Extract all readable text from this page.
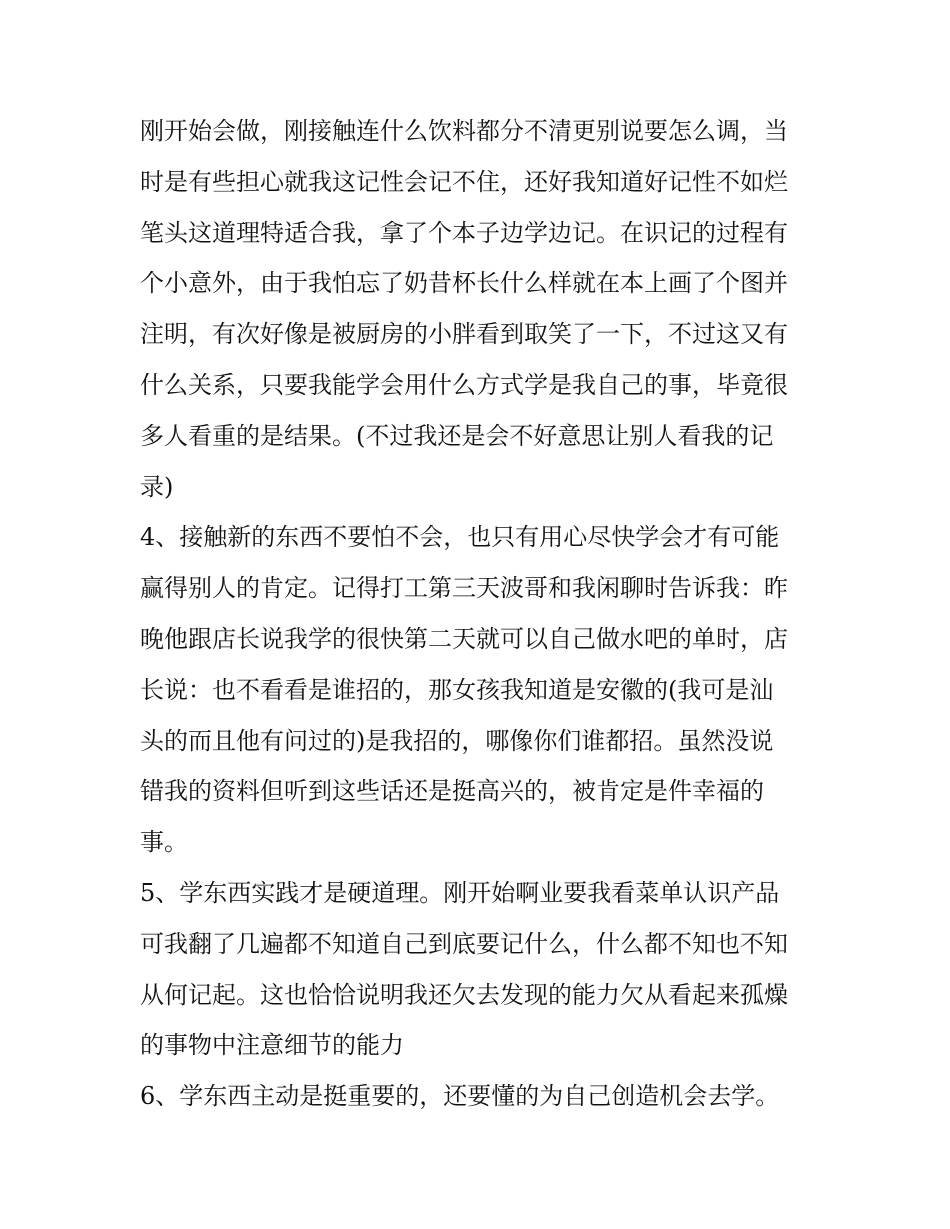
刚开始会做，刚接触连什么饮料都分不清更别说要怎么调，当
时是有些担心就我这记性会记不住，还好我知道好记性不如烂
笔头这道理特适合我，拿了个本子边学边记。在识记的过程有
个小意外，由于我怕忘了奶昔杯长什么样就在本上画了个图并
注明，有次好像是被厨房的小胖看到取笑了一下，不过这又有
什么关系，只要我能学会用什么方式学是我自己的事，毕竟很
多人看重的是结果。(不过我还是会不好意思让别人看我的记
录)
4、接触新的东西不要怕不会，也只有用心尽快学会才有可能
赢得别人的肯定。记得打工第三天波哥和我闲聊时告诉我：昨
晚他跟店长说我学的很快第二天就可以自己做水吧的单时，店
长说：也不看看是谁招的，那女孩我知道是安徽的(我可是汕
头的而且他有问过的)是我招的，哪像你们谁都招。虽然没说
错我的资料但听到这些话还是挺高兴的，被肯定是件幸福的
事。
5、学东西实践才是硬道理。刚开始啊业要我看菜单认识产品
可我翻了几遍都不知道自己到底要记什么，什么都不知也不知
从何记起。这也恰恰说明我还欠去发现的能力欠从看起来孤燥
的事物中注意细节的能力
6、学东西主动是挺重要的，还要懂的为自己创造机会去学。
